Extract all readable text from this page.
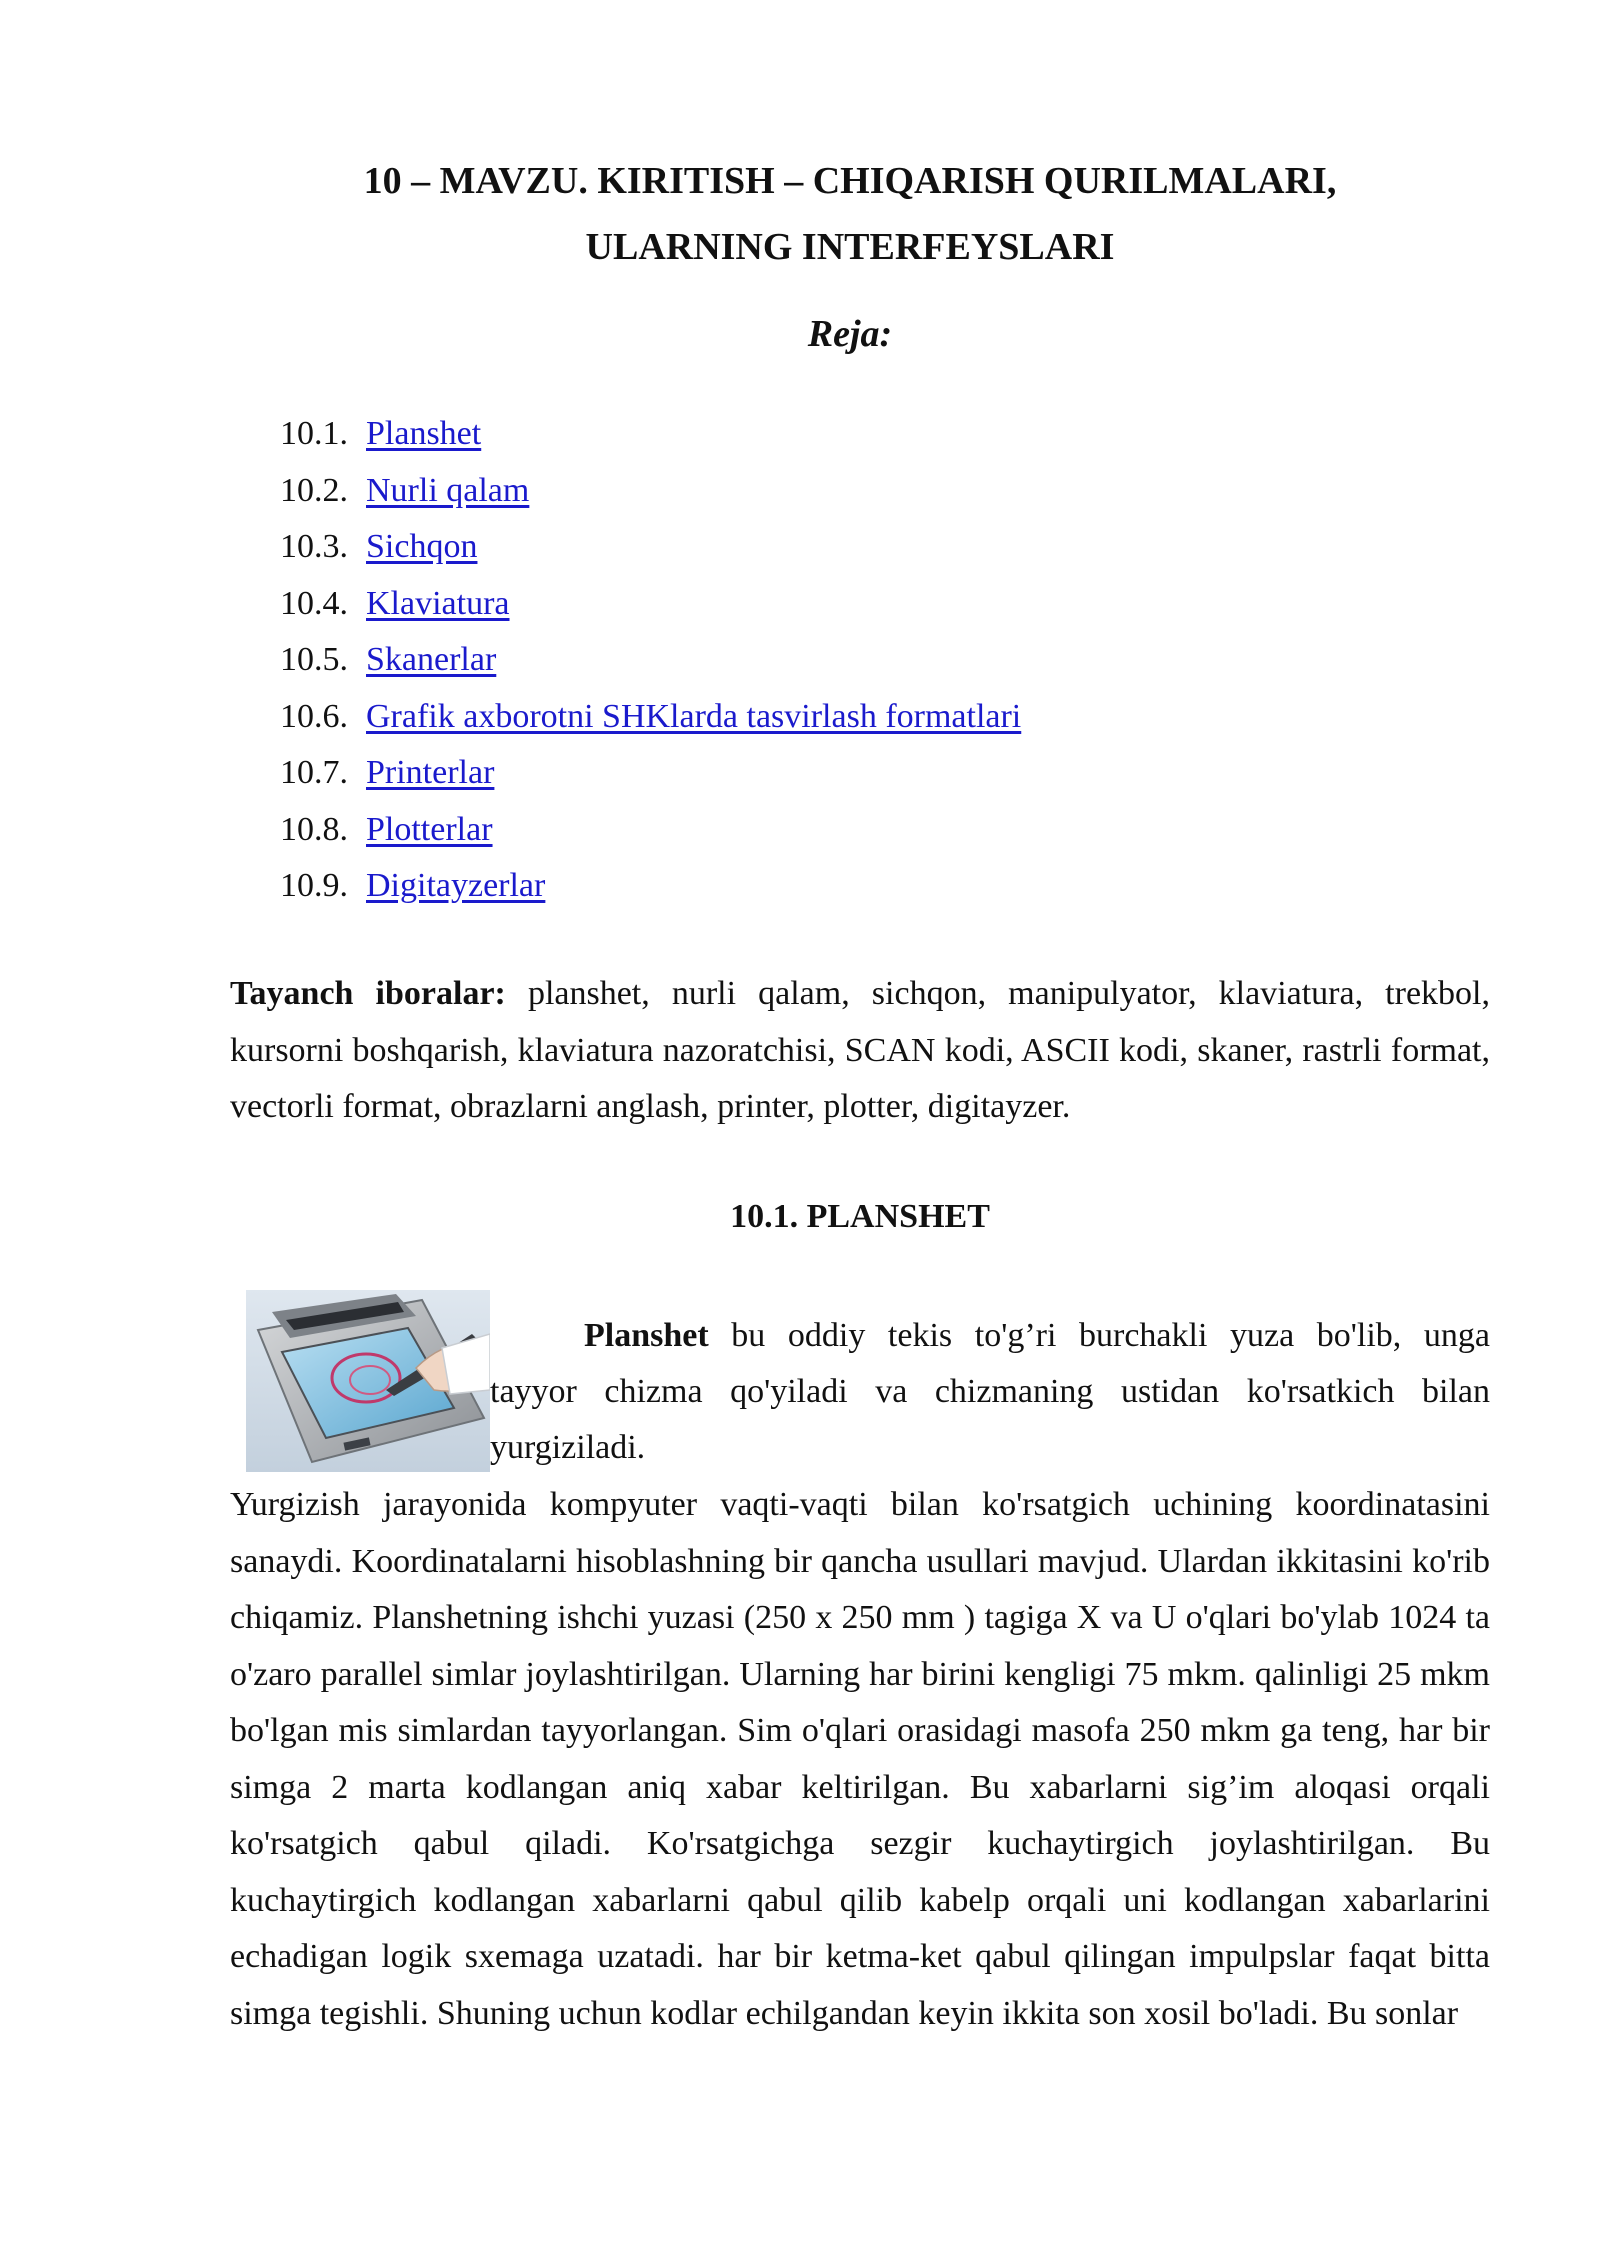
10 – MAVZU. KIRITISH – CHIQARISH QURILMALARI,
ULARNING INTERFEYSLARI
Reja:
10.1. Planshet
10.2. Nurli qalam
10.3. Sichqon
10.4. Klaviatura
10.5. Skanerlar
10.6. Grafik axborotni SHKlarda tasvirlash formatlari
10.7. Printerlar
10.8. Plotterlar
10.9. Digitayzerlar

Tayanch iboralar: planshet, nurli qalam, sichqon, manipulyator, klaviatura, trekbol, kursorni boshqarish, klaviatura nazoratchisi, SCAN kodi, ASCII kodi, skaner, rastrli format, vectorli format, obrazlarni anglash, printer, plotter, digitayzer.

10.1. PLANSHET
Planshet bu oddiy tekis to'g’ri burchakli yuza bo'lib, unga
tayyor chizma qo'yiladi va chizmaning ustidan ko'rsatkich bilan
yurgiziladi.

Yurgizish jarayonida kompyuter vaqti-vaqti bilan ko'rsatgich uchining koordinatasini sanaydi. Koordinatalarni hisoblashning bir qancha usullari mavjud. Ulardan ikkitasini ko'rib chiqamiz. Planshetning ishchi yuzasi (250 x 250 mm ) tagiga X va U o'qlari bo'ylab 1024 ta o'zaro parallel simlar joylashtirilgan. Ularning har birini kengligi 75 mkm. qalinligi 25 mkm bo'lgan mis simlardan tayyorlangan. Sim o'qlari orasidagi masofa 250 mkm ga teng, har bir simga 2 marta kodlangan aniq xabar keltirilgan. Bu xabarlarni sig’im aloqasi orqali ko'rsatgich qabul qiladi. Ko'rsatgichga sezgir kuchaytirgich joylashtirilgan. Bu kuchaytirgich kodlangan xabarlarni qabul qilib kabelp orqali uni kodlangan xabarlarini echadigan logik sxemaga uzatadi. har bir ketma-ket qabul qilingan impulpslar faqat bitta simga tegishli. Shuning uchun kodlar echilgandan keyin ikkita son xosil bo'ladi. Bu sonlar
